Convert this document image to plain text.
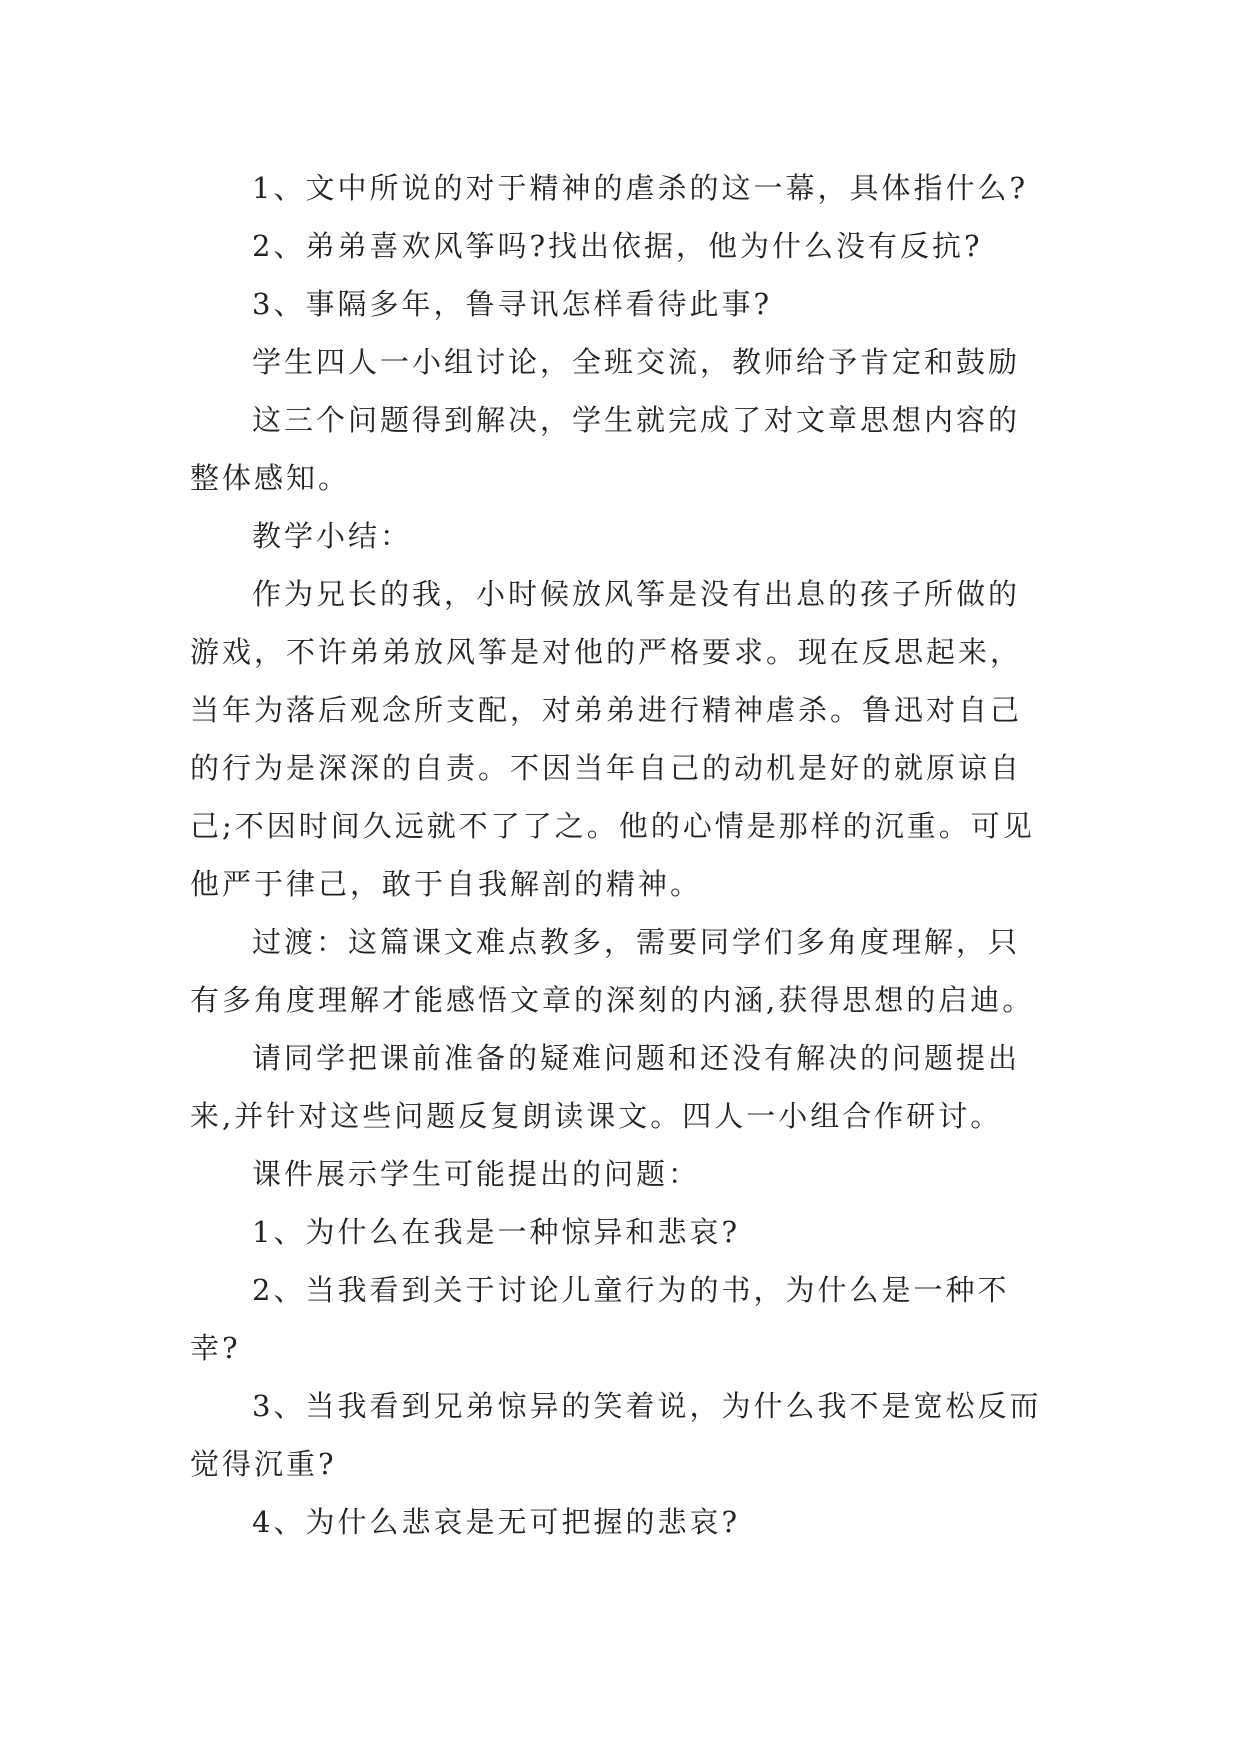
1、文中所说的对于精神的虐杀的这一幕，具体指什么?

2、弟弟喜欢风筝吗?找出依据，他为什么没有反抗?

3、事隔多年，鲁寻讯怎样看待此事?

学生四人一小组讨论，全班交流，教师给予肯定和鼓励

这三个问题得到解决，学生就完成了对文章思想内容的整体感知。

教学小结：

作为兄长的我，小时候放风筝是没有出息的孩子所做的游戏，不许弟弟放风筝是对他的严格要求。现在反思起来，当年为落后观念所支配，对弟弟进行精神虐杀。鲁迅对自己的行为是深深的自责。不因当年自己的动机是好的就原谅自己;不因时间久远就不了了之。他的心情是那样的沉重。可见他严于律己，敢于自我解剖的精神。

过渡：这篇课文难点教多，需要同学们多角度理解，只有多角度理解才能感悟文章的深刻的内涵,获得思想的启迪。

请同学把课前准备的疑难问题和还没有解决的问题提出来,并针对这些问题反复朗读课文。四人一小组合作研讨。

课件展示学生可能提出的问题：

1、为什么在我是一种惊异和悲哀?

2、当我看到关于讨论儿童行为的书，为什么是一种不幸?

3、当我看到兄弟惊异的笑着说，为什么我不是宽松反而觉得沉重?

4、为什么悲哀是无可把握的悲哀?
